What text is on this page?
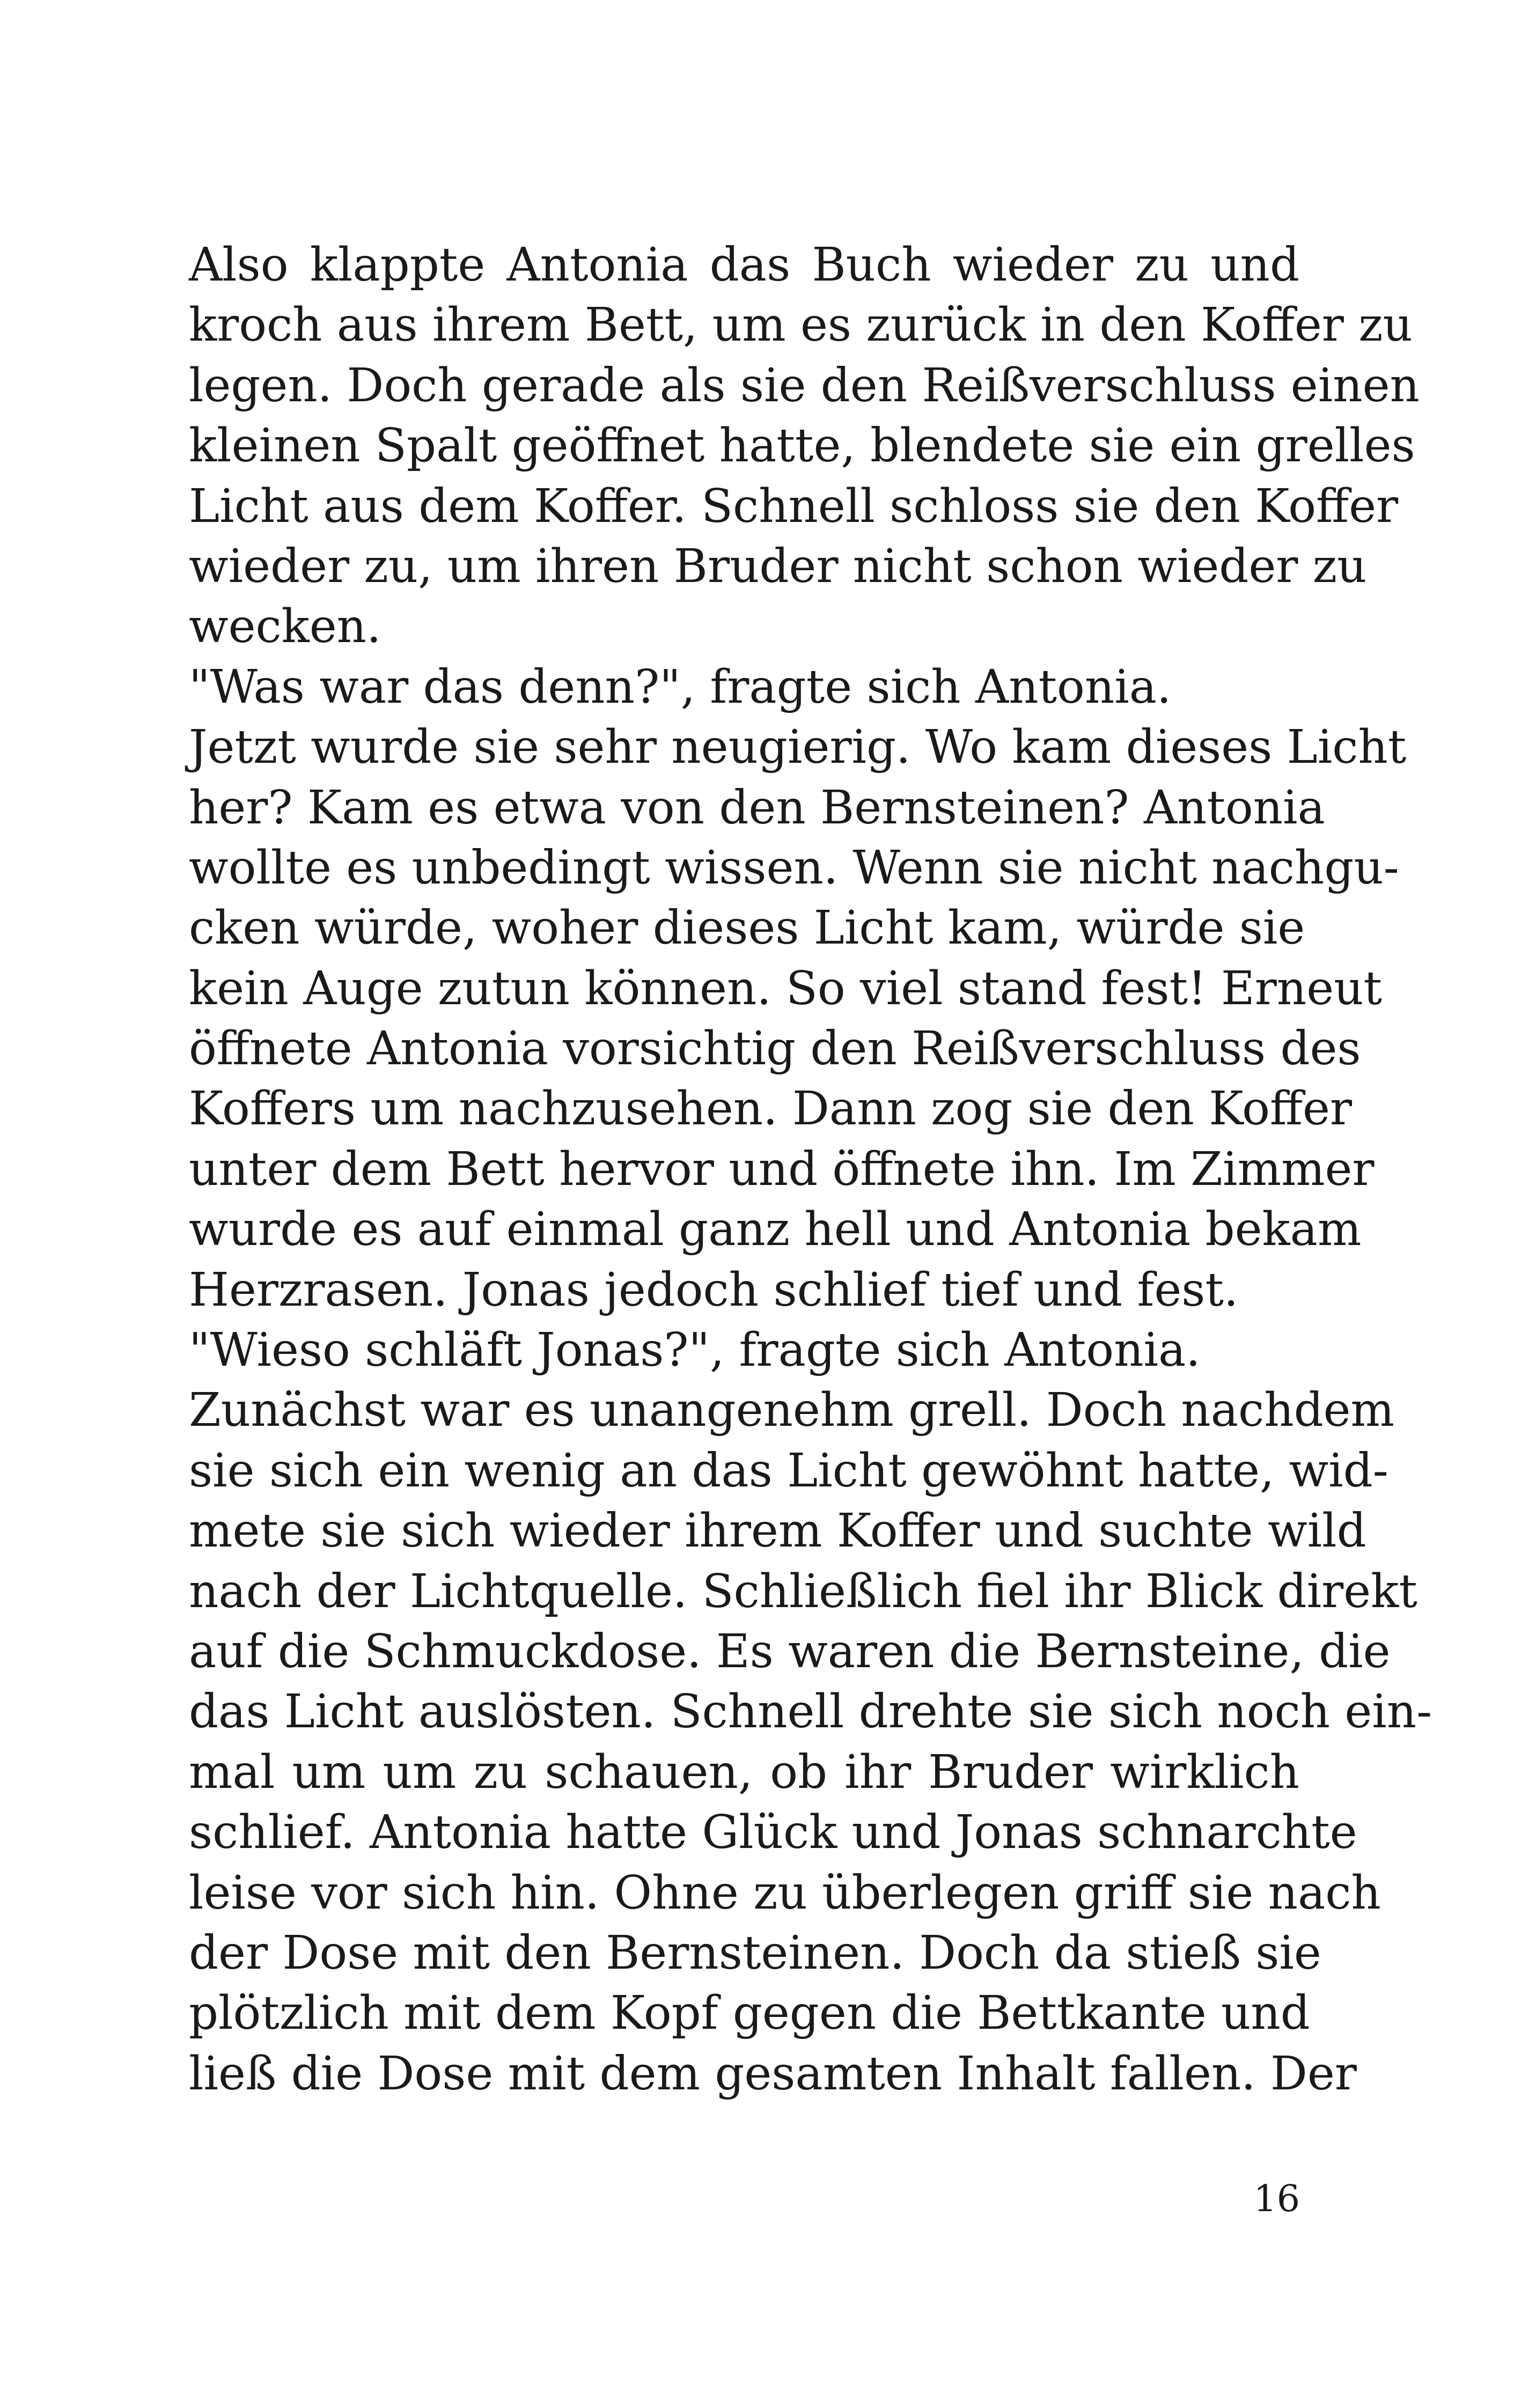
Also klappte Antonia das Buch wieder zu und
kroch aus ihrem Bett, um es zurück in den Koffer zu
legen. Doch gerade als sie den Reißverschluss einen
kleinen Spalt geöffnet hatte, blendete sie ein grelles
Licht aus dem Koffer. Schnell schloss sie den Koffer
wieder zu, um ihren Bruder nicht schon wieder zu
wecken.
"Was war das denn?", fragte sich Antonia.
Jetzt wurde sie sehr neugierig. Wo kam dieses Licht
her? Kam es etwa von den Bernsteinen? Antonia
wollte es unbedingt wissen. Wenn sie nicht nachgu-
cken würde, woher dieses Licht kam, würde sie
kein Auge zutun können. So viel stand fest! Erneut
öffnete Antonia vorsichtig den Reißverschluss des
Koffers um nachzusehen. Dann zog sie den Koffer
unter dem Bett hervor und öffnete ihn. Im Zimmer
wurde es auf einmal ganz hell und Antonia bekam
Herzrasen. Jonas jedoch schlief tief und fest.
"Wieso schläft Jonas?", fragte sich Antonia.
Zunächst war es unangenehm grell. Doch nachdem
sie sich ein wenig an das Licht gewöhnt hatte, wid-
mete sie sich wieder ihrem Koffer und suchte wild
nach der Lichtquelle. Schließlich fiel ihr Blick direkt
auf die Schmuckdose. Es waren die Bernsteine, die
das Licht auslösten. Schnell drehte sie sich noch ein-
mal um um zu schauen, ob ihr Bruder wirklich
schlief. Antonia hatte Glück und Jonas schnarchte
leise vor sich hin. Ohne zu überlegen griff sie nach
der Dose mit den Bernsteinen. Doch da stieß sie
plötzlich mit dem Kopf gegen die Bettkante und
ließ die Dose mit dem gesamten Inhalt fallen. Der
16
